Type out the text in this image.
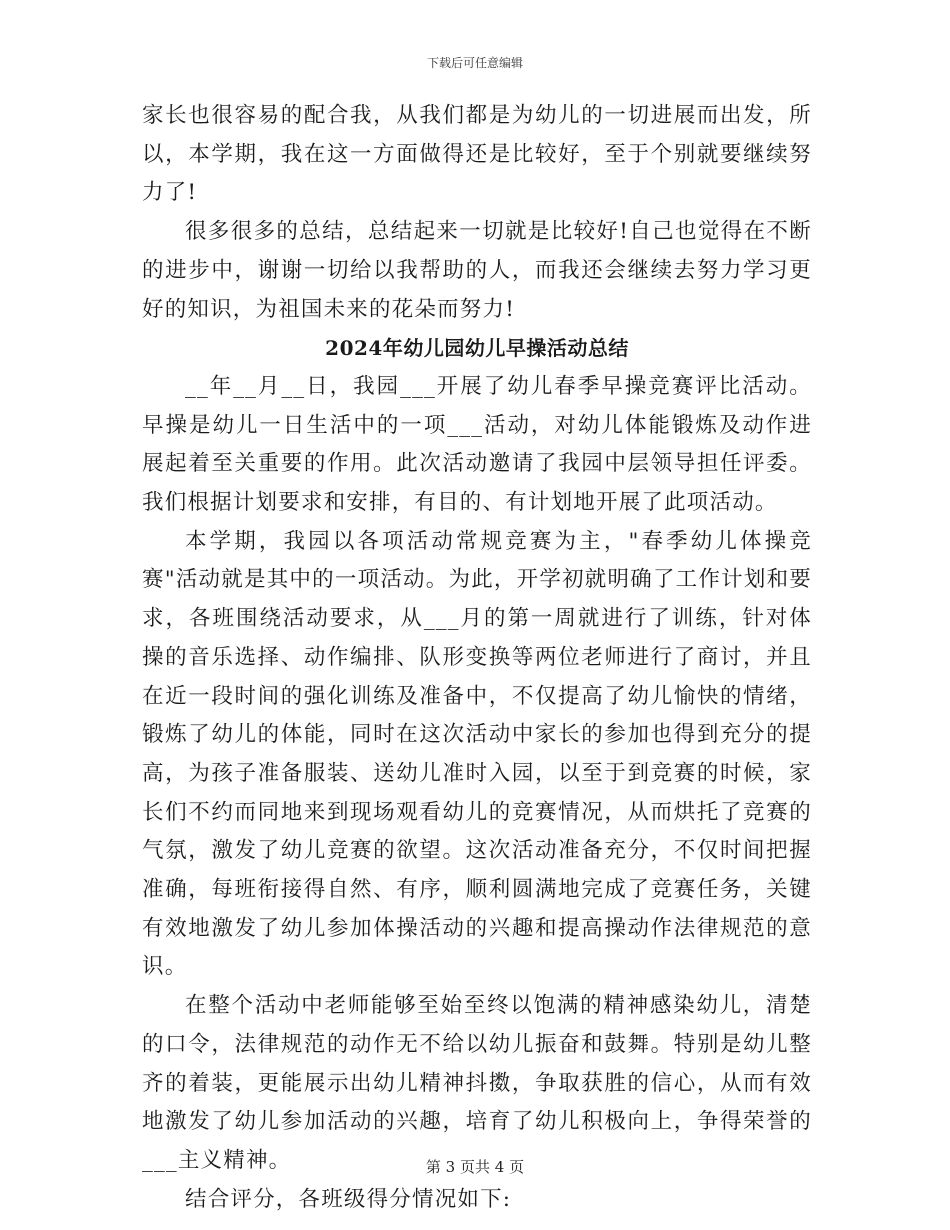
下载后可任意编辑

家长也很容易的配合我，从我们都是为幼儿的一切进展而出发，所以，本学期，我在这一方面做得还是比较好，至于个别就要继续努力了!

很多很多的总结，总结起来一切就是比较好!自己也觉得在不断的进步中，谢谢一切给以我帮助的人，而我还会继续去努力学习更好的知识，为祖国未来的花朵而努力!

2024年幼儿园幼儿早操活动总结

__年__月__日，我园___开展了幼儿春季早操竞赛评比活动。早操是幼儿一日生活中的一项___活动，对幼儿体能锻炼及动作进展起着至关重要的作用。此次活动邀请了我园中层领导担任评委。我们根据计划要求和安排，有目的、有计划地开展了此项活动。

本学期，我园以各项活动常规竞赛为主，"春季幼儿体操竞赛"活动就是其中的一项活动。为此，开学初就明确了工作计划和要求，各班围绕活动要求，从___月的第一周就进行了训练，针对体操的音乐选择、动作编排、队形变换等两位老师进行了商讨，并且在近一段时间的强化训练及准备中，不仅提高了幼儿愉快的情绪，锻炼了幼儿的体能，同时在这次活动中家长的参加也得到充分的提高，为孩子准备服装、送幼儿准时入园，以至于到竞赛的时候，家长们不约而同地来到现场观看幼儿的竞赛情况，从而烘托了竞赛的气氛，激发了幼儿竞赛的欲望。这次活动准备充分，不仅时间把握准确，每班衔接得自然、有序，顺利圆满地完成了竞赛任务，关键有效地激发了幼儿参加体操活动的兴趣和提高操动作法律规范的意识。

在整个活动中老师能够至始至终以饱满的精神感染幼儿，清楚的口令，法律规范的动作无不给以幼儿振奋和鼓舞。特别是幼儿整齐的着装，更能展示出幼儿精神抖擞，争取获胜的信心，从而有效地激发了幼儿参加活动的兴趣，培育了幼儿积极向上，争得荣誉的___主义精神。

结合评分，各班级得分情况如下:

第 3 页共 4 页
